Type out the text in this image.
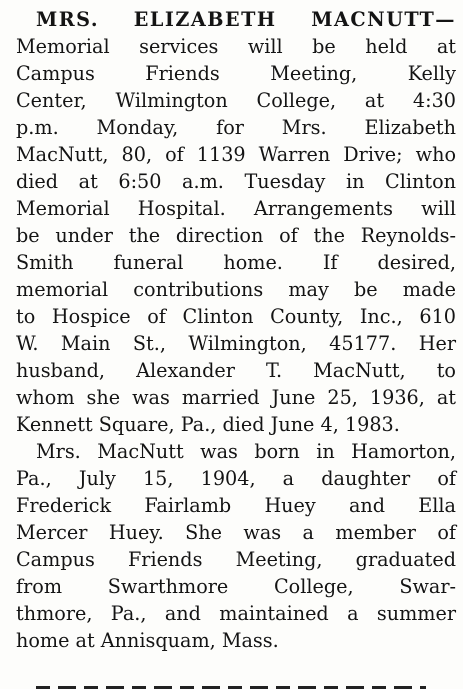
MRS. ELIZABETH MACNUTT—
Memorial services will be held at
Campus Friends Meeting, Kelly
Center, Wilmington College, at 4:30
p.m. Monday, for Mrs. Elizabeth
MacNutt, 80, of 1139 Warren Drive; who
died at 6:50 a.m. Tuesday in Clinton
Memorial Hospital. Arrangements will
be under the direction of the Reynolds-
Smith funeral home. If desired,
memorial contributions may be made
to Hospice of Clinton County, Inc., 610
W. Main St., Wilmington, 45177. Her
husband, Alexander T. MacNutt, to
whom she was married June 25, 1936, at
Kennett Square, Pa., died June 4, 1983.
Mrs. MacNutt was born in Hamorton,
Pa., July 15, 1904, a daughter of
Frederick Fairlamb Huey and Ella
Mercer Huey. She was a member of
Campus Friends Meeting, graduated
from Swarthmore College, Swar-
thmore, Pa., and maintained a summer
home at Annisquam, Mass.
